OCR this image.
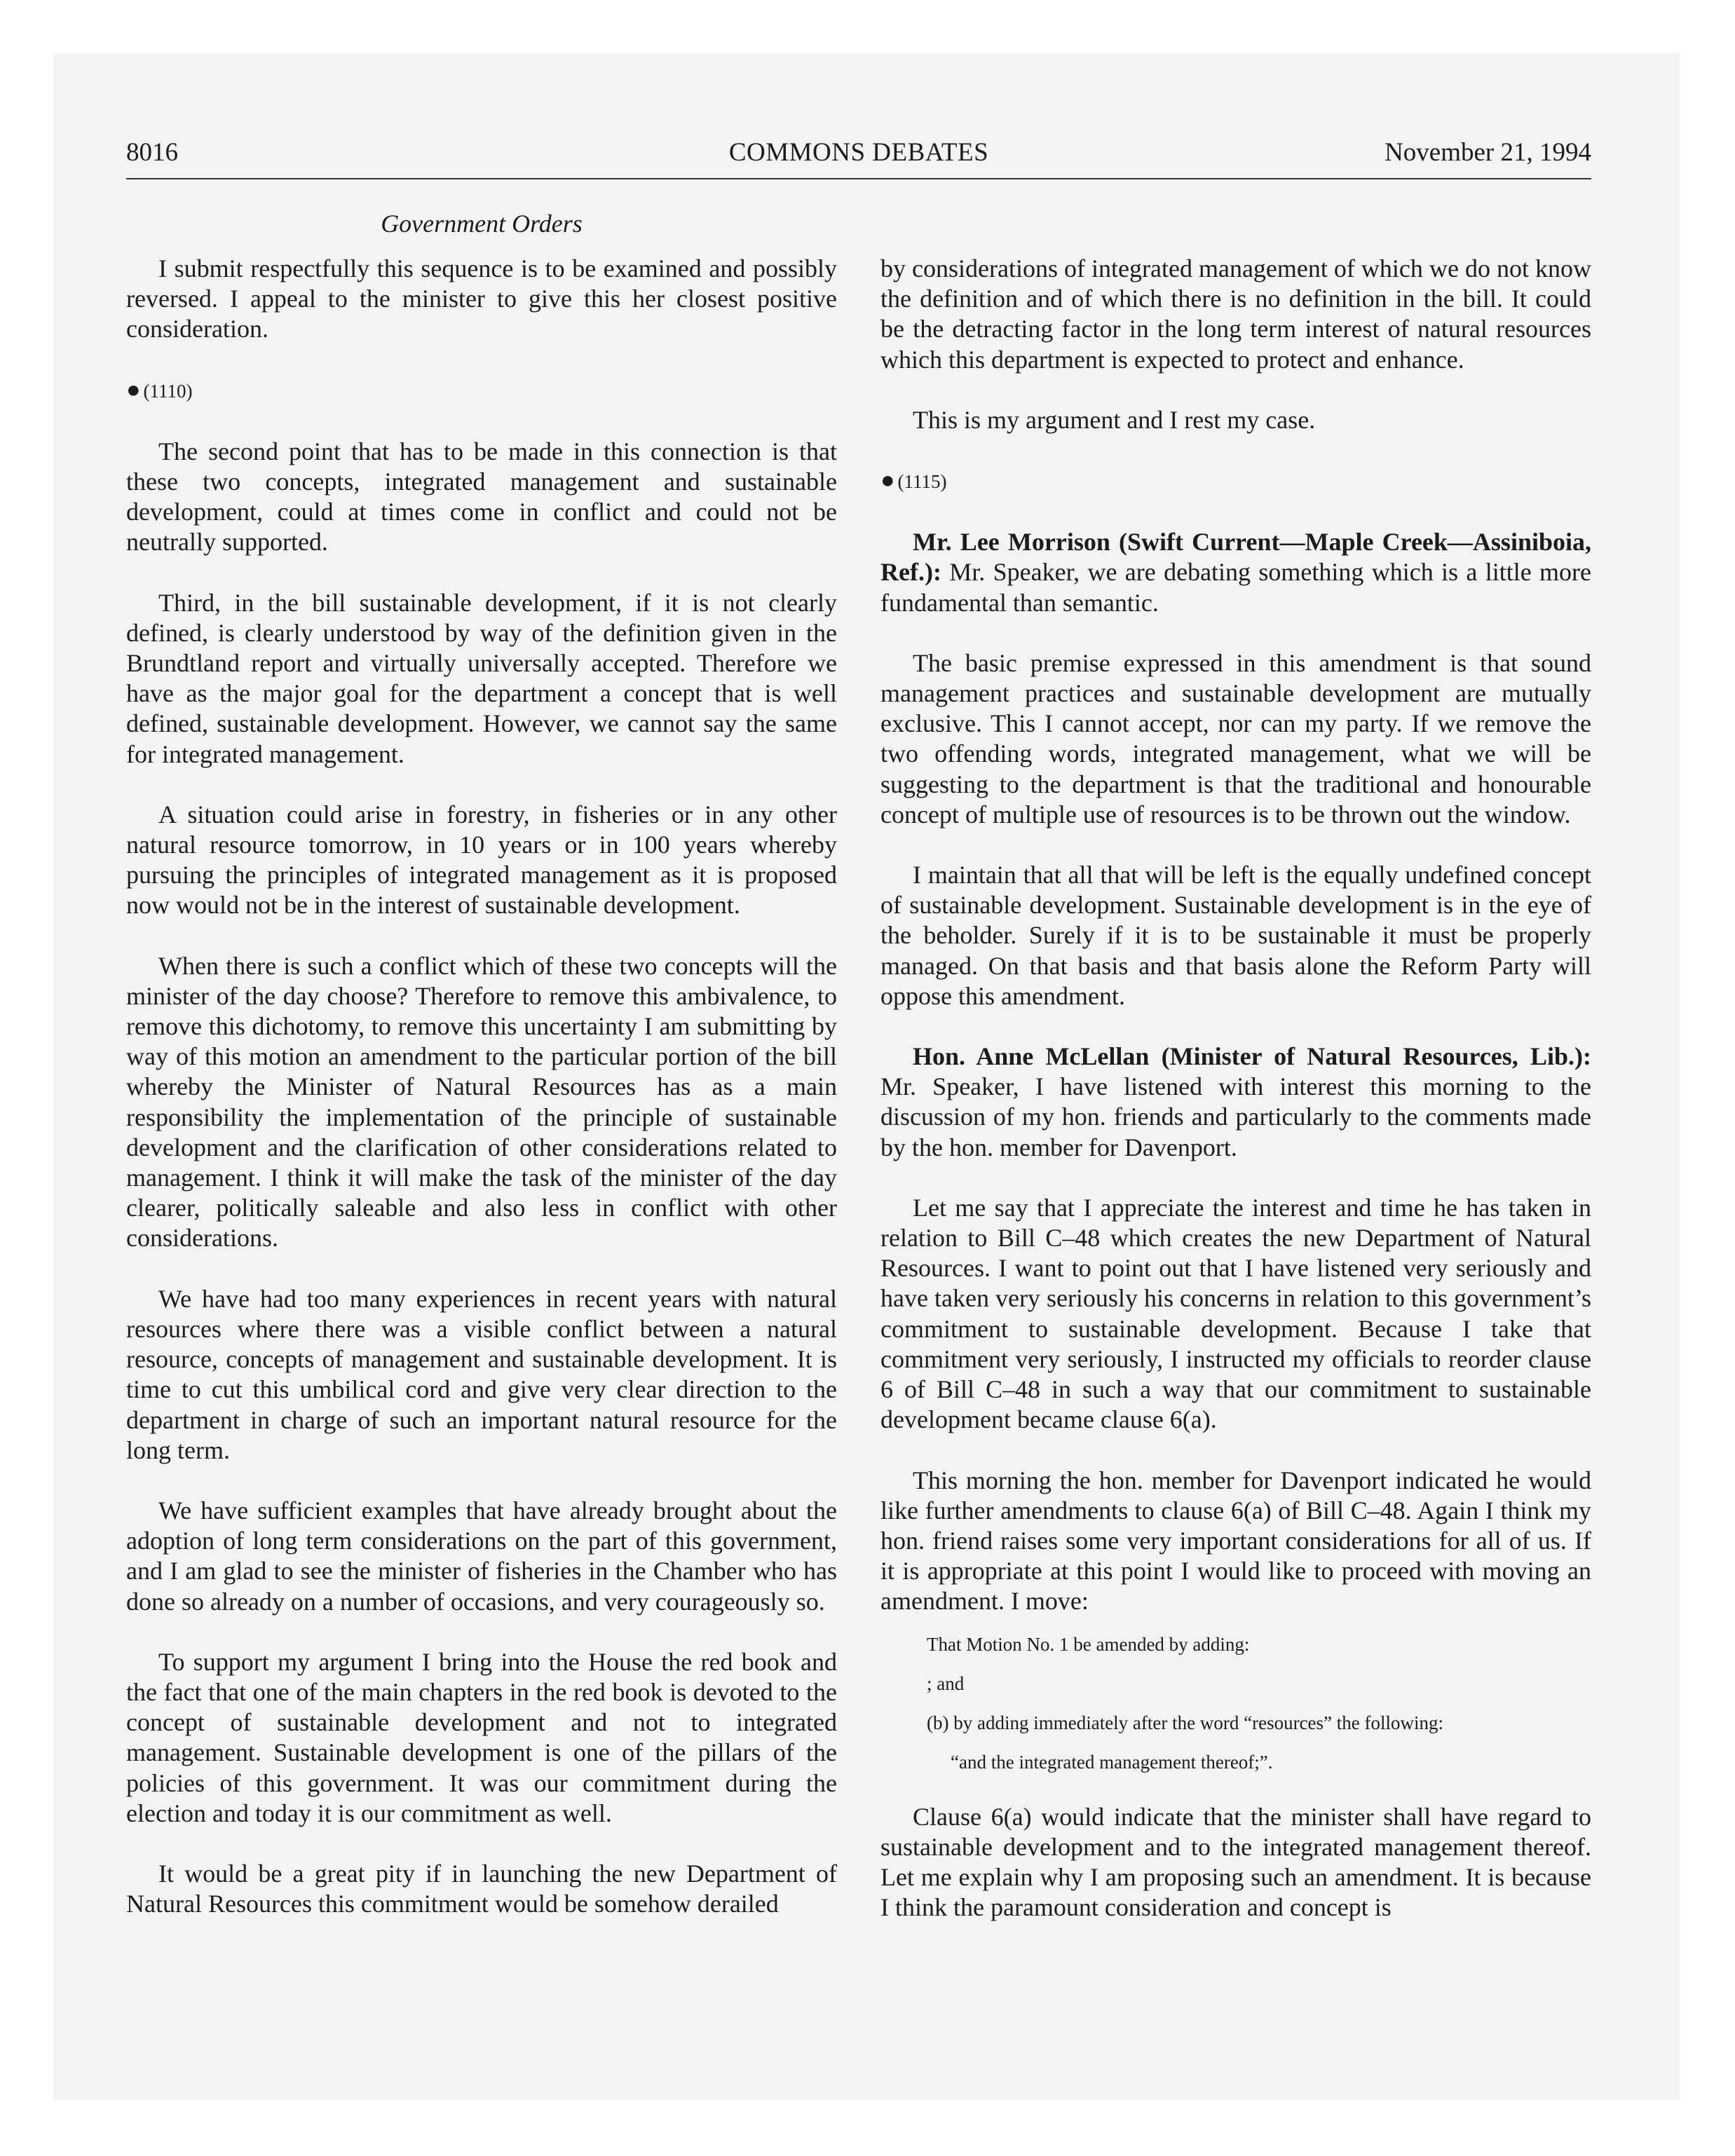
COMMONS DEBATES
8016	November 21, 1994
Government Orders

I submit respectfully this sequence is to be examined and possibly reversed. I appeal to the minister to give this her closest positive consideration.

● (1110)

The second point that has to be made in this connection is that these two concepts, integrated management and sustainable development, could at times come in conflict and could not be neutrally supported.

Third, in the bill sustainable development, if it is not clearly defined, is clearly understood by way of the definition given in the Brundtland report and virtually universally accepted. Therefore we have as the major goal for the department a concept that is well defined, sustainable development. However, we cannot say the same for integrated management.

A situation could arise in forestry, in fisheries or in any other natural resource tomorrow, in 10 years or in 100 years whereby pursuing the principles of integrated management as it is proposed now would not be in the interest of sustainable development.

When there is such a conflict which of these two concepts will the minister of the day choose? Therefore to remove this ambivalence, to remove this dichotomy, to remove this uncertainty I am submitting by way of this motion an amendment to the particular portion of the bill whereby the Minister of Natural Resources has as a main responsibility the implementation of the principle of sustainable development and the clarification of other considerations related to management. I think it will make the task of the minister of the day clearer, politically saleable and also less in conflict with other considerations.

We have had too many experiences in recent years with natural resources where there was a visible conflict between a natural resource, concepts of management and sustainable development. It is time to cut this umbilical cord and give very clear direction to the department in charge of such an important natural resource for the long term.

We have sufficient examples that have already brought about the adoption of long term considerations on the part of this government, and I am glad to see the minister of fisheries in the Chamber who has done so already on a number of occasions, and very courageously so.

To support my argument I bring into the House the red book and the fact that one of the main chapters in the red book is devoted to the concept of sustainable development and not to integrated management. Sustainable development is one of the pillars of the policies of this government. It was our commitment during the election and today it is our commitment as well.

It would be a great pity if in launching the new Department of Natural Resources this commitment would be somehow derailed

by considerations of integrated management of which we do not know the definition and of which there is no definition in the bill. It could be the detracting factor in the long term interest of natural resources which this department is expected to protect and enhance.

This is my argument and I rest my case.

● (1115)

Mr. Lee Morrison (Swift Current—Maple Creek—Assiniboia, Ref.): Mr. Speaker, we are debating something which is a little more fundamental than semantic.

The basic premise expressed in this amendment is that sound management practices and sustainable development are mutually exclusive. This I cannot accept, nor can my party. If we remove the two offending words, integrated management, what we will be suggesting to the department is that the traditional and honourable concept of multiple use of resources is to be thrown out the window.

I maintain that all that will be left is the equally undefined concept of sustainable development. Sustainable development is in the eye of the beholder. Surely if it is to be sustainable it must be properly managed. On that basis and that basis alone the Reform Party will oppose this amendment.

Hon. Anne McLellan (Minister of Natural Resources, Lib.): Mr. Speaker, I have listened with interest this morning to the discussion of my hon. friends and particularly to the comments made by the hon. member for Davenport.

Let me say that I appreciate the interest and time he has taken in relation to Bill C–48 which creates the new Department of Natural Resources. I want to point out that I have listened very seriously and have taken very seriously his concerns in relation to this government’s commitment to sustainable development. Because I take that commitment very seriously, I instructed my officials to reorder clause 6 of Bill C–48 in such a way that our commitment to sustainable development became clause 6(a).

This morning the hon. member for Davenport indicated he would like further amendments to clause 6(a) of Bill C–48. Again I think my hon. friend raises some very important considerations for all of us. If it is appropriate at this point I would like to proceed with moving an amendment. I move:

That Motion No. 1 be amended by adding:
; and
(b) by adding immediately after the word “resources” the following:
“and the integrated management thereof;”.

Clause 6(a) would indicate that the minister shall have regard to sustainable development and to the integrated management thereof. Let me explain why I am proposing such an amendment. It is because I think the paramount consideration and concept is
